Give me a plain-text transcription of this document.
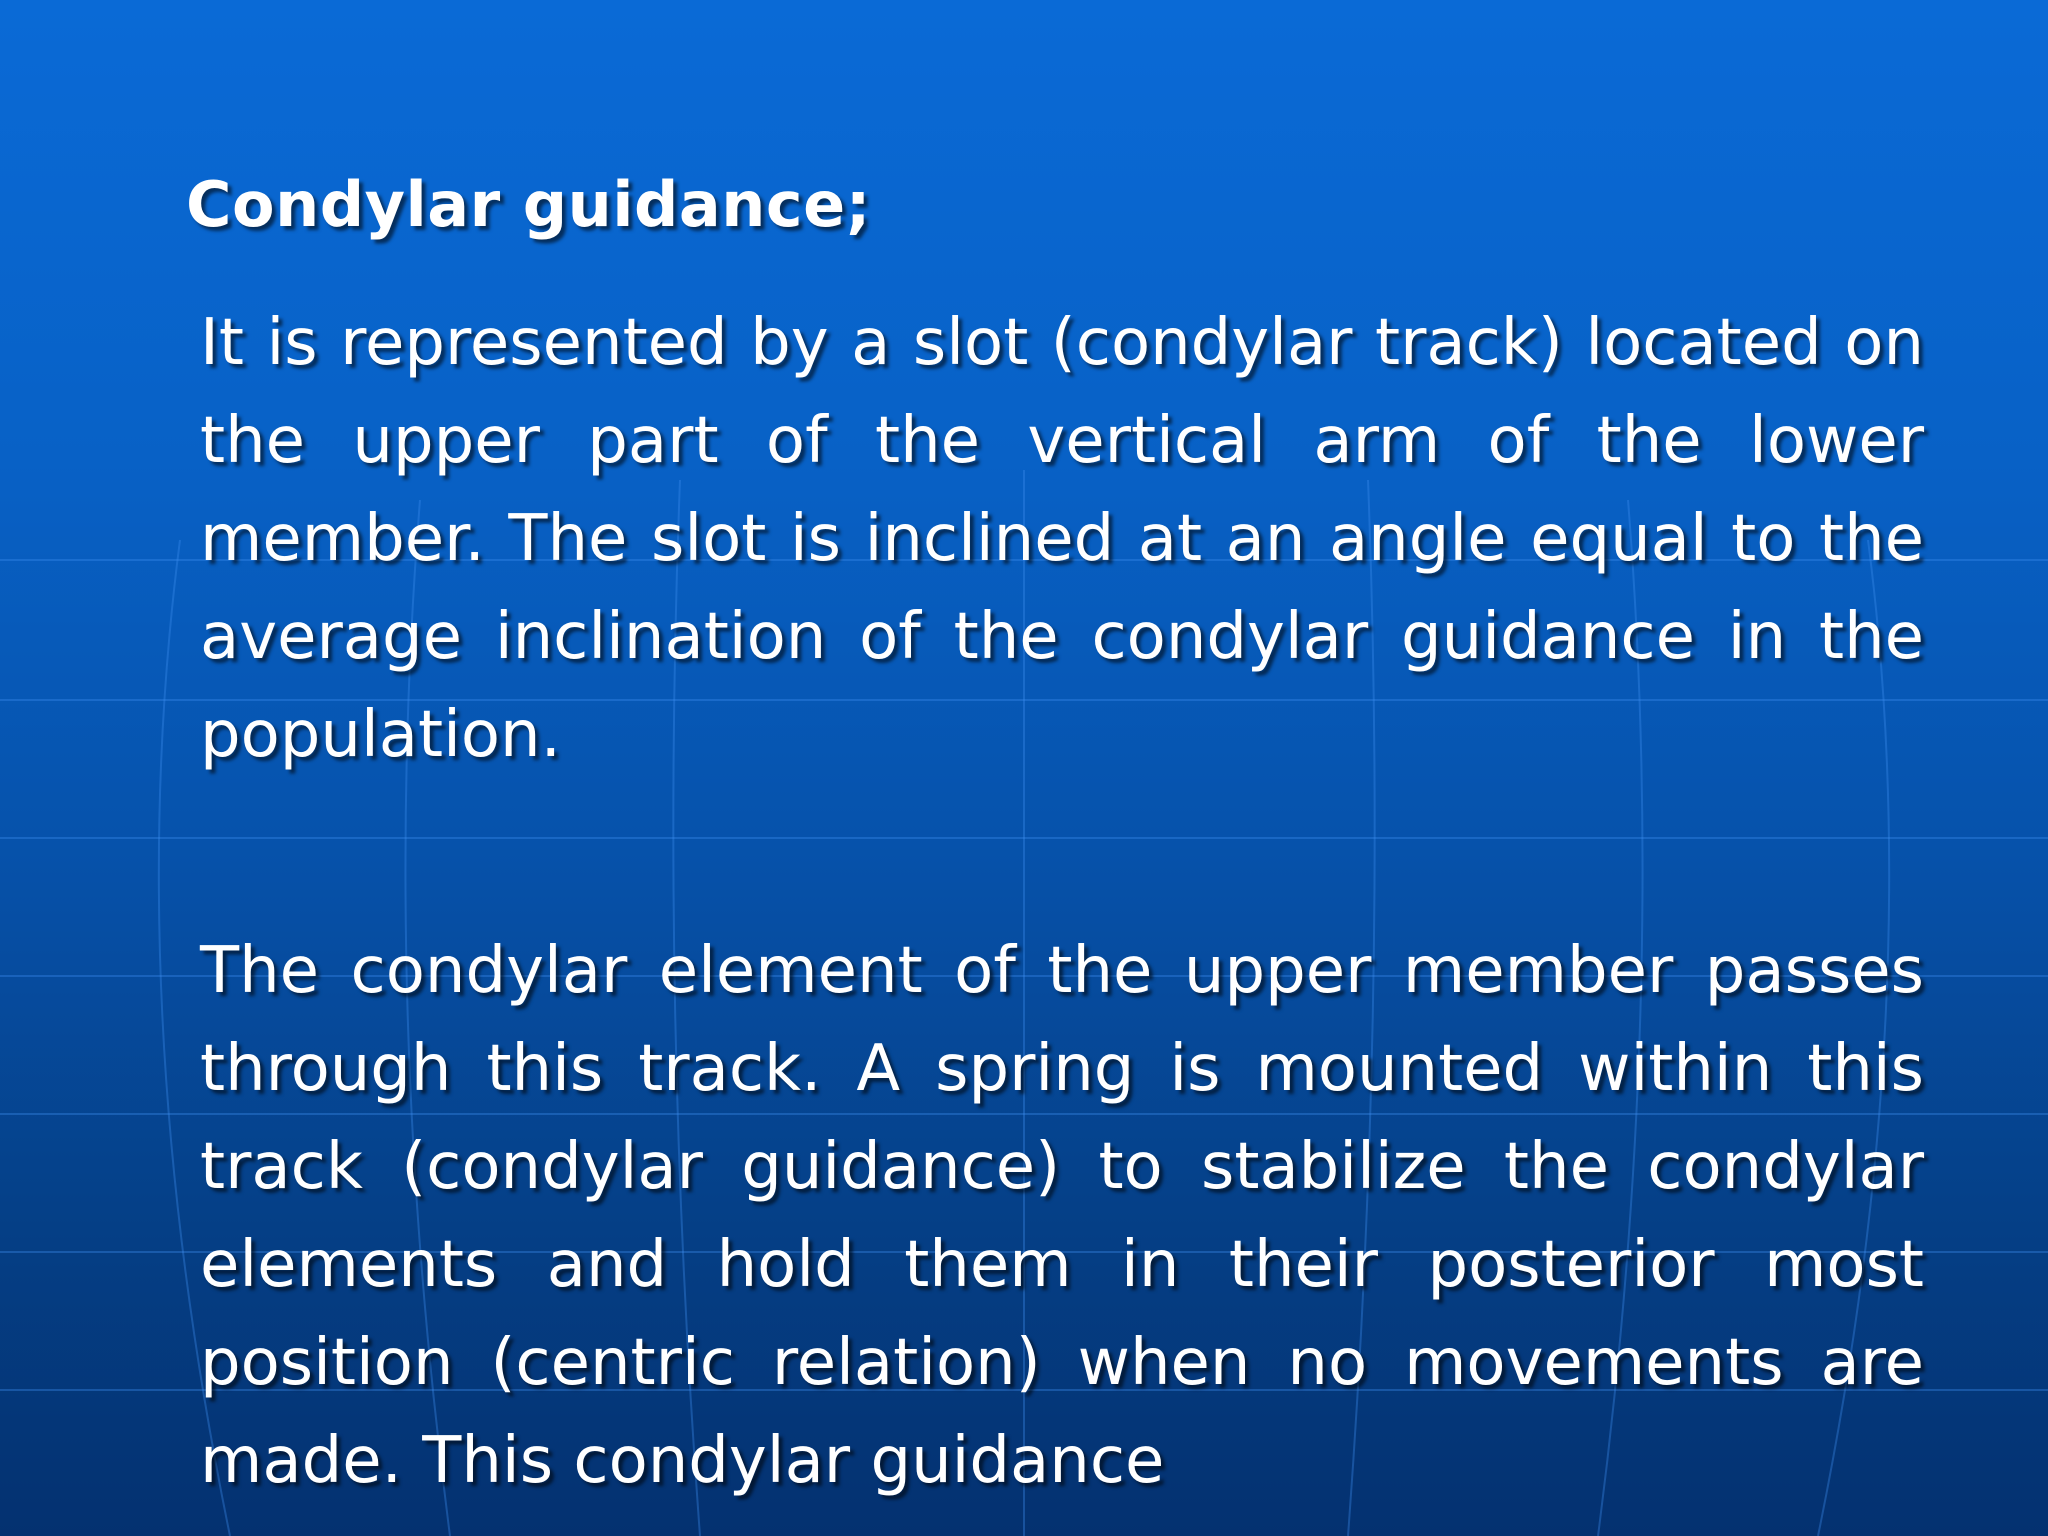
Condylar guidance;

It is represented by a slot (condylar track) located on the upper part of the vertical arm of the lower member. The slot is inclined at an angle equal to the average inclination of the condylar guidance in the population.

The condylar element of the upper member passes through this track. A spring is mounted within this track (condylar guidance) to stabilize the condylar elements and hold them in their posterior most position (centric relation) when no movements are made. This condylar guidance
